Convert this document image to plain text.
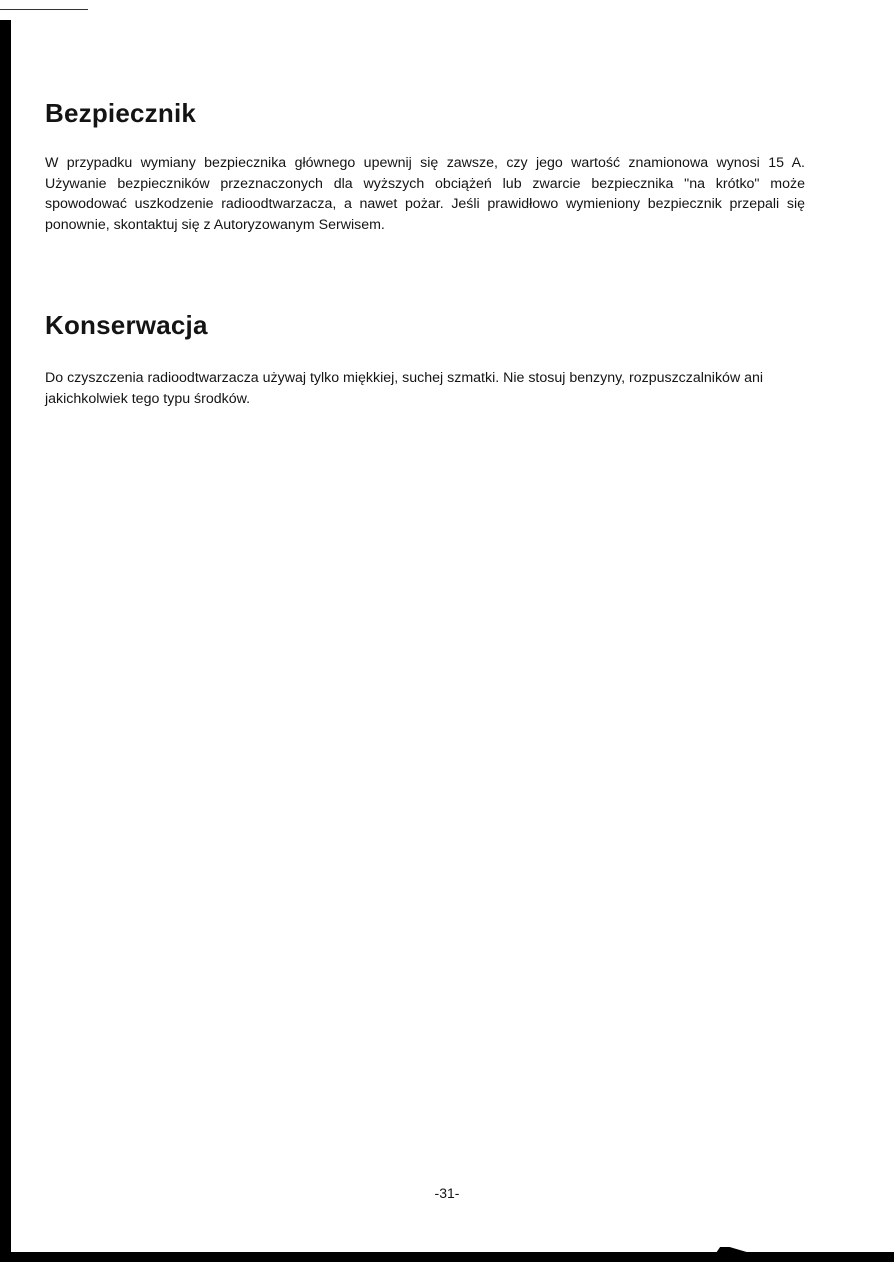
Bezpiecznik

W przypadku wymiany bezpiecznika głównego upewnij się zawsze, czy jego wartość znamionowa wynosi 15 A. Używanie bezpieczników przeznaczonych dla wyższych obciążeń lub zwarcie bezpiecznika "na krótko" może spowodować uszkodzenie radioodtwarzacza, a nawet pożar. Jeśli prawidłowo wymieniony bezpiecznik przepali się ponownie, skontaktuj się z Autoryzowanym Serwisem.

Konserwacja

Do czyszczenia radioodtwarzacza używaj tylko miękkiej, suchej szmatki. Nie stosuj benzyny, rozpuszczalników ani jakichkolwiek tego typu środków.

-31-
